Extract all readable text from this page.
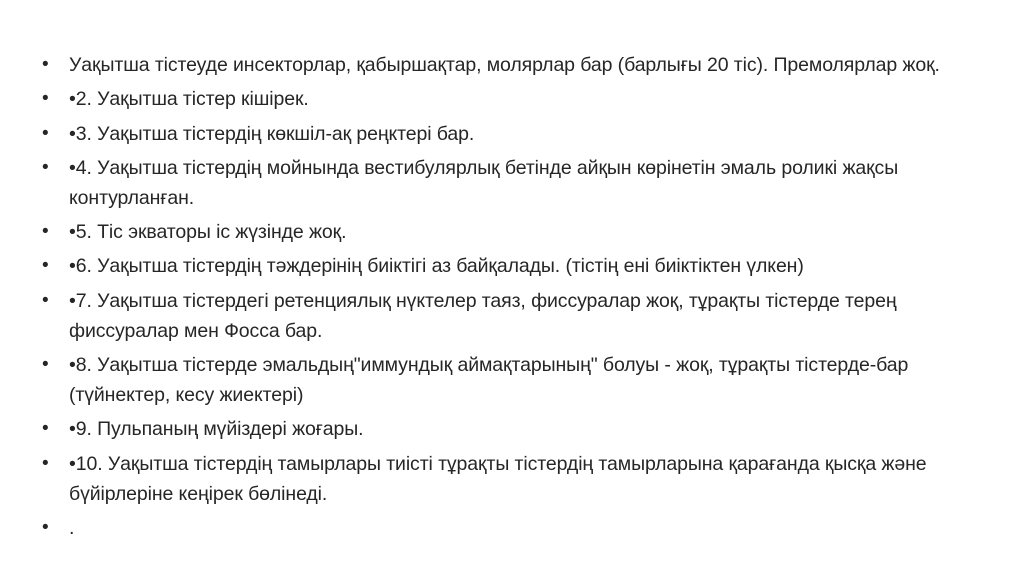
•
Уақытша тістеуде инсекторлар, қабыршақтар, молярлар бар (барлығы 20 тіс). Премолярлар жоқ.
•
•2. Уақытша тістер кішірек.
•
•3. Уақытша тістердің көкшіл-ақ реңктері бар.
•
•4. Уақытша тістердің мойнында вестибулярлық бетінде айқын көрінетін эмаль роликі жақсы контурланған.
•
•5. Тіс экваторы іс жүзінде жоқ.
•
•6. Уақытша тістердің тәждерінің биіктігі аз байқалады. (тістің ені биіктіктен үлкен)
•
•7. Уақытша тістердегі ретенциялық нүктелер таяз, фиссуралар жоқ, тұрақты тістерде терең фиссуралар мен Фосса бар.
•
•8. Уақытша тістерде эмальдың"иммундық аймақтарының" болуы - жоқ, тұрақты тістерде-бар (түйнектер, кесу жиектері)
•
•9. Пульпаның мүйіздері жоғары.
•
•10. Уақытша тістердің тамырлары тиісті тұрақты тістердің тамырларына қарағанда қысқа және бүйірлеріне кеңірек бөлінеді.
•
.
